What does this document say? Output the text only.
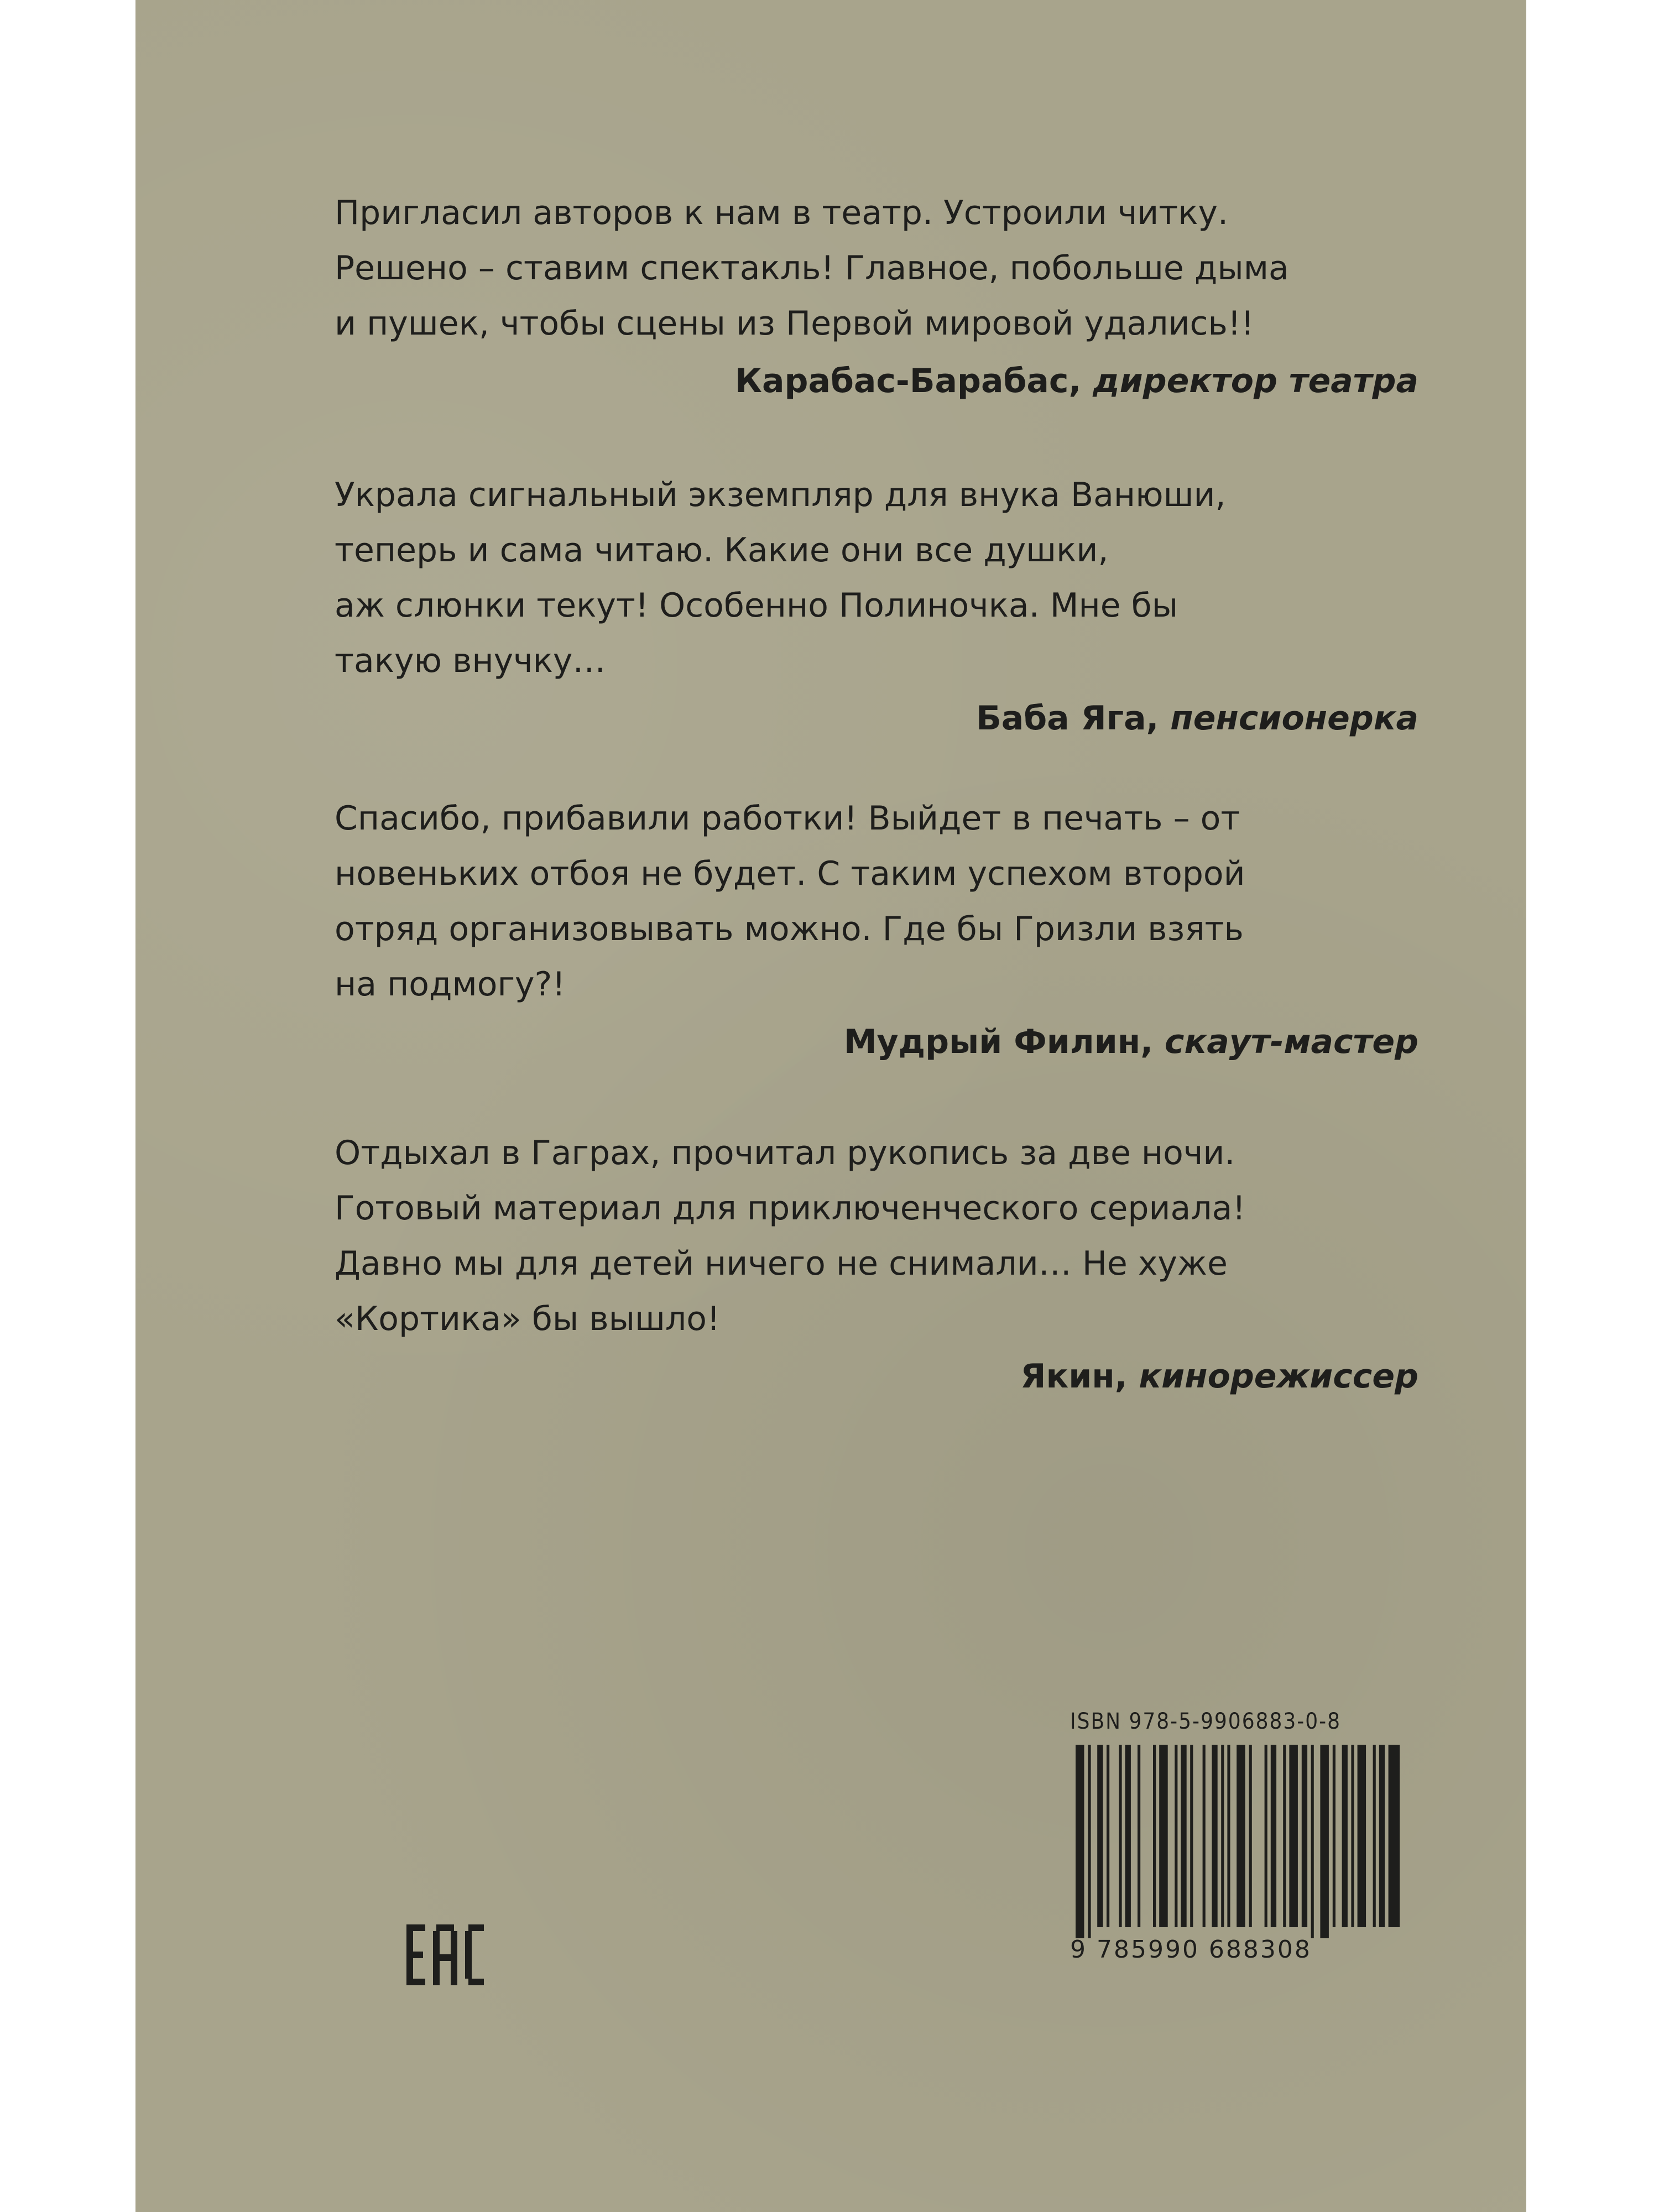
Пригласил авторов к нам в театр. Устроили читку.
Решено – ставим спектакль! Главное, побольше дыма
и пушек, чтобы сцены из Первой мировой удались!!

Карабас-Барабас, директор театра

Украла сигнальный экземпляр для внука Ванюши,
теперь и сама читаю. Какие они все душки,
аж слюнки текут! Особенно Полиночка. Мне бы
такую внучку…

Баба Яга, пенсионерка

Спасибо, прибавили работки! Выйдет в печать – от
новеньких отбоя не будет. С таким успехом второй
отряд организовывать можно. Где бы Гризли взять
на подмогу?!

Мудрый Филин, скаут-мастер

Отдыхал в Гаграх, прочитал рукопись за две ночи.
Готовый материал для приключенческого сериала!
Давно мы для детей ничего не снимали… Не хуже
«Кортика» бы вышло!

Якин, кинорежиссер
ISBN 978-5-9906883-0-8
9 785990 688308
